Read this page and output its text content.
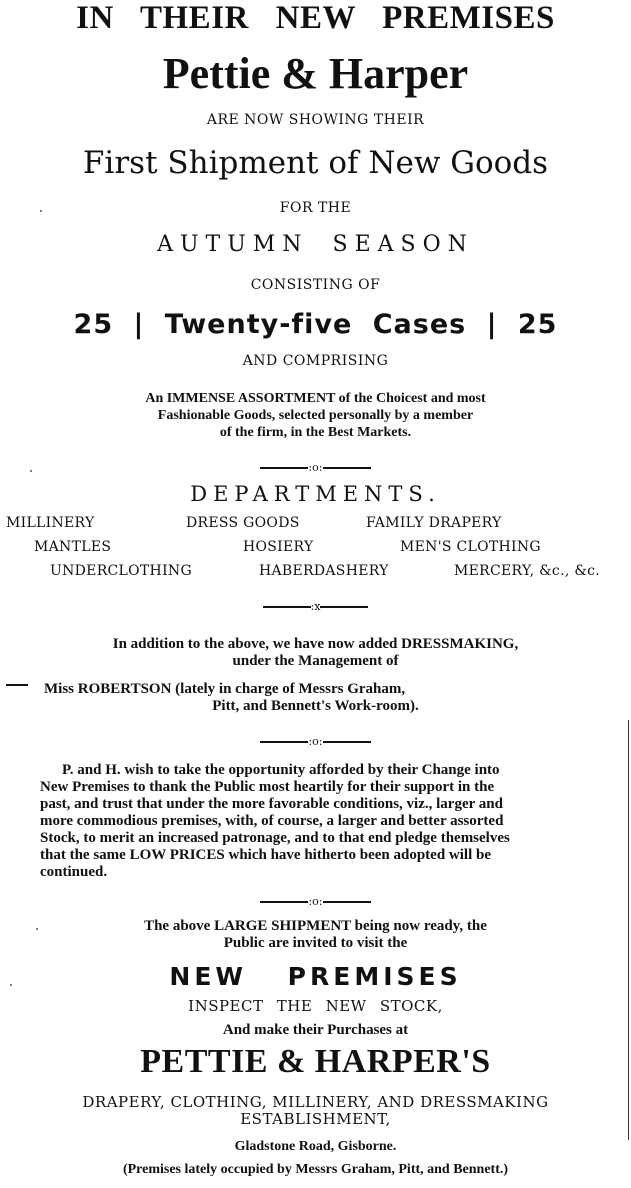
IN THEIR NEW PREMISES
Pettie & Harper
ARE NOW SHOWING THEIR
First Shipment of New Goods
FOR THE
AUTUMN SEASON
CONSISTING OF
25 | Twenty-five Cases | 25
AND COMPRISING
An IMMENSE ASSORTMENT of the Choicest and most
Fashionable Goods, selected personally by a member
of the firm, in the Best Markets.
:o:
DEPARTMENTS.
MILLINERY	DRESS GOODS	FAMILY DRAPERY
MANTLES	HOSIERY	MEN'S CLOTHING
UNDERCLOTHING	HABERDASHERY	MERCERY, &c., &c.
:x
In addition to the above, we have now added DRESSMAKING,
under the Management of
Miss ROBERTSON (lately in charge of Messrs Graham,
Pitt, and Bennett's Work-room).
:o:
P. and H. wish to take the opportunity afforded by their Change into
New Premises to thank the Public most heartily for their support in the
past, and trust that under the more favorable conditions, viz., larger and
more commodious premises, with, of course, a larger and better assorted
Stock, to merit an increased patronage, and to that end pledge themselves
that the same LOW PRICES which have hitherto been adopted will be
continued.
:o:
The above LARGE SHIPMENT being now ready, the
Public are invited to visit the
NEW PREMISES
INSPECT THE NEW STOCK,
And make their Purchases at
PETTIE & HARPER'S
DRAPERY, CLOTHING, MILLINERY, AND DRESSMAKING
ESTABLISHMENT,
Gladstone Road, Gisborne.
(Premises lately occupied by Messrs Graham, Pitt, and Bennett.)
